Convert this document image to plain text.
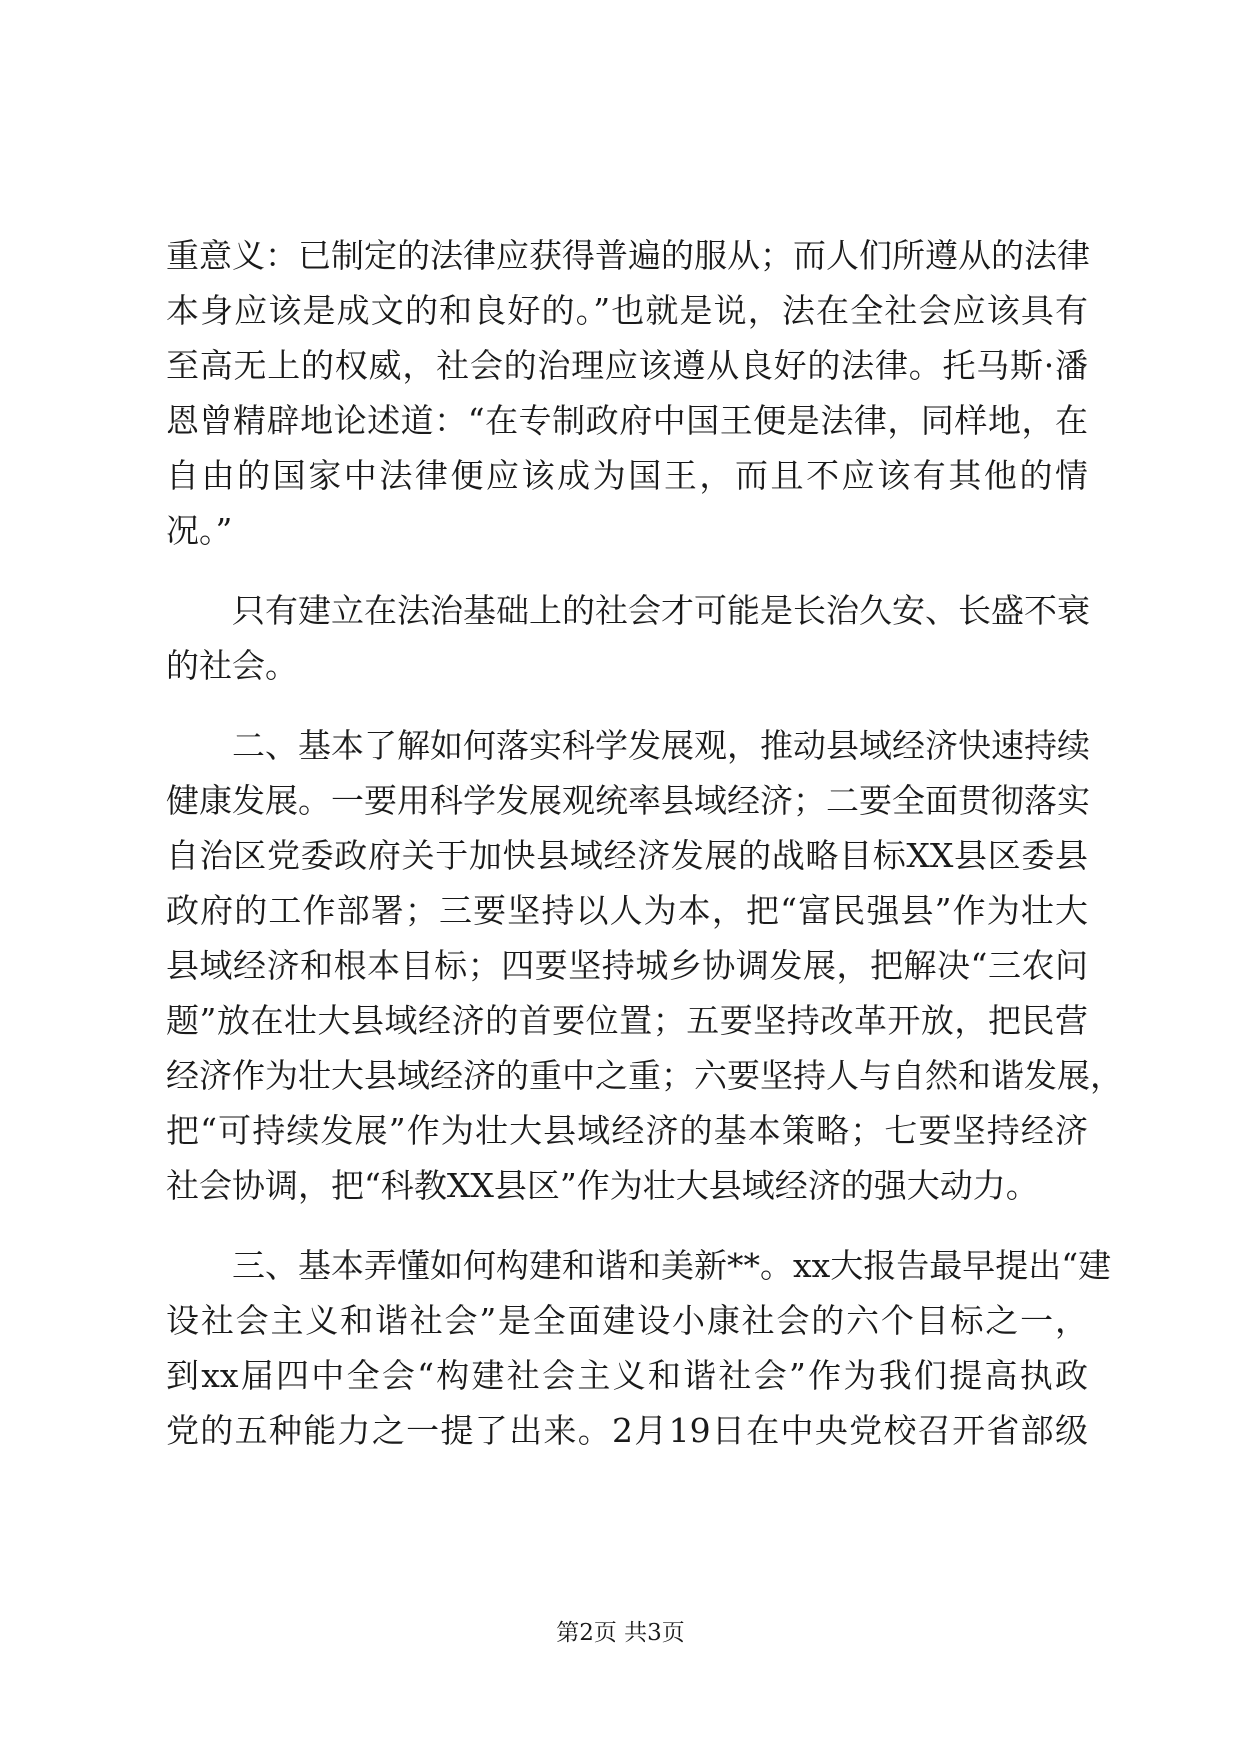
重意义：已制定的法律应获得普遍的服从；而人们所遵从的法律
本身应该是成文的和良好的。”也就是说，法在全社会应该具有
至高无上的权威，社会的治理应该遵从良好的法律。托马斯·潘
恩曾精辟地论述道：“在专制政府中国王便是法律，同样地，在
自由的国家中法律便应该成为国王，而且不应该有其他的情
况。”
　　只有建立在法治基础上的社会才可能是长治久安、长盛不衰
的社会。
　　二、基本了解如何落实科学发展观，推动县域经济快速持续
健康发展。一要用科学发展观统率县域经济；二要全面贯彻落实
自治区党委政府关于加快县域经济发展的战略目标XX县区委县
政府的工作部署；三要坚持以人为本，把“富民强县”作为壮大
县域经济和根本目标；四要坚持城乡协调发展，把解决“三农问
题”放在壮大县域经济的首要位置；五要坚持改革开放，把民营
经济作为壮大县域经济的重中之重；六要坚持人与自然和谐发展，
把“可持续发展”作为壮大县域经济的基本策略；七要坚持经济
社会协调，把“科教XX县区”作为壮大县域经济的强大动力。
　　三、基本弄懂如何构建和谐和美新**。xx大报告最早提出“建
设社会主义和谐社会”是全面建设小康社会的六个目标之一，
到xx届四中全会“构建社会主义和谐社会”作为我们提高执政
党的五种能力之一提了出来。2月19日在中央党校召开省部级
第2页 共3页
